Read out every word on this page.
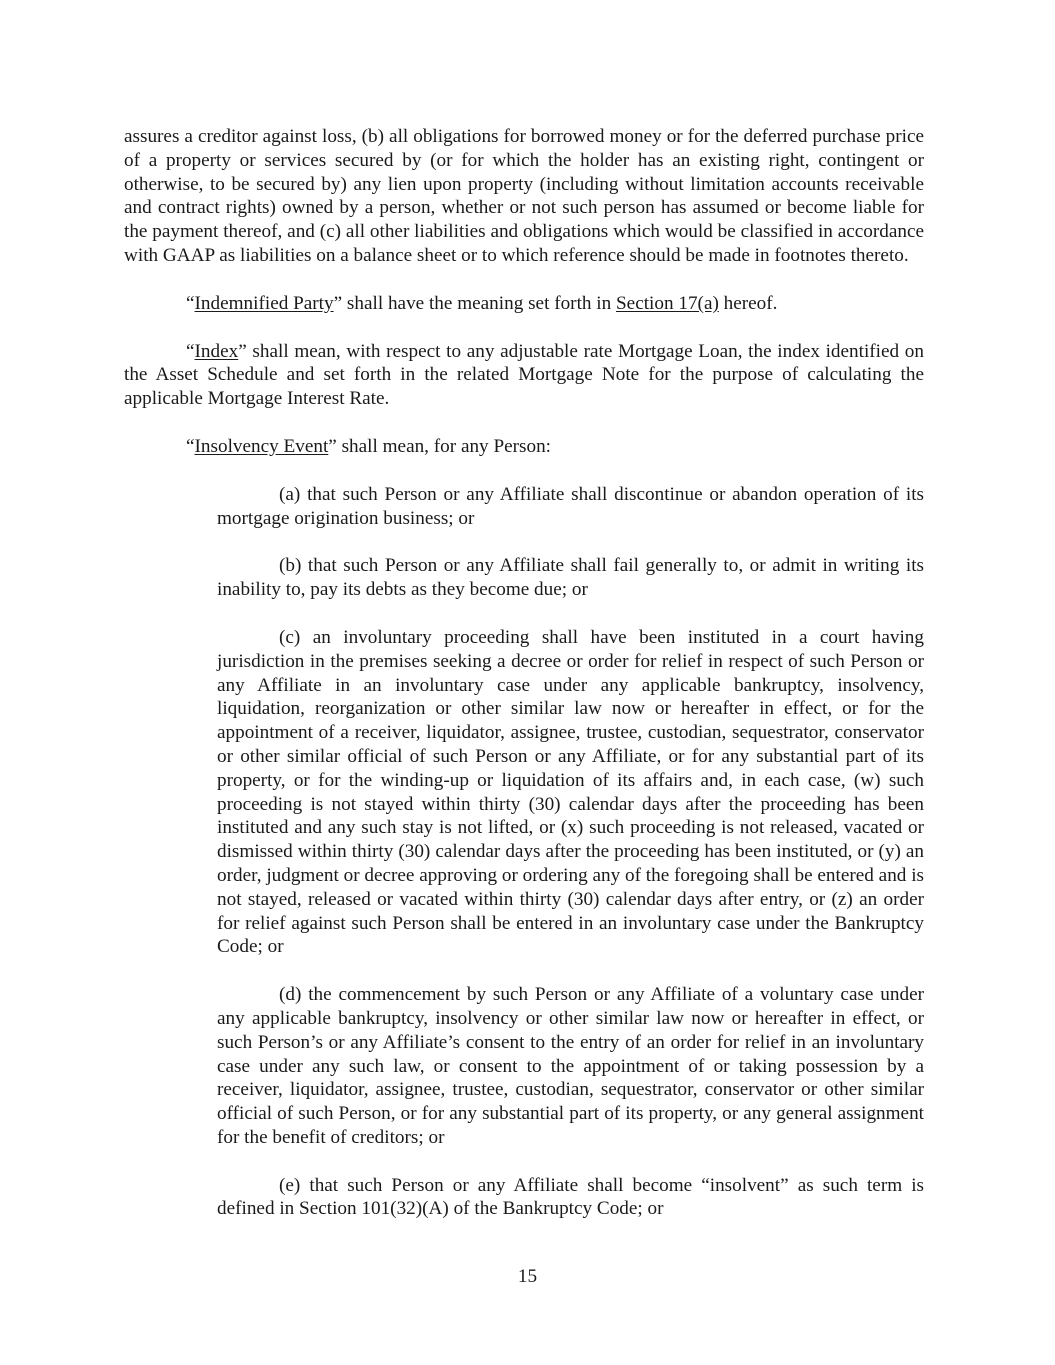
assures a creditor against loss, (b) all obligations for borrowed money or for the deferred purchase price of a property or services secured by (or for which the holder has an existing right, contingent or otherwise, to be secured by) any lien upon property (including without limitation accounts receivable and contract rights) owned by a person, whether or not such person has assumed or become liable for the payment thereof, and (c) all other liabilities and obligations which would be classified in accordance with GAAP as liabilities on a balance sheet or to which reference should be made in footnotes thereto.

“Indemnified Party” shall have the meaning set forth in Section 17(a) hereof.

“Index” shall mean, with respect to any adjustable rate Mortgage Loan, the index identified on the Asset Schedule and set forth in the related Mortgage Note for the purpose of calculating the applicable Mortgage Interest Rate.

“Insolvency Event” shall mean, for any Person:

(a) that such Person or any Affiliate shall discontinue or abandon operation of its mortgage origination business; or

(b) that such Person or any Affiliate shall fail generally to, or admit in writing its inability to, pay its debts as they become due; or

(c) an involuntary proceeding shall have been instituted in a court having jurisdiction in the premises seeking a decree or order for relief in respect of such Person or any Affiliate in an involuntary case under any applicable bankruptcy, insolvency, liquidation, reorganization or other similar law now or hereafter in effect, or for the appointment of a receiver, liquidator, assignee, trustee, custodian, sequestrator, conservator or other similar official of such Person or any Affiliate, or for any substantial part of its property, or for the winding-up or liquidation of its affairs and, in each case, (w) such proceeding is not stayed within thirty (30) calendar days after the proceeding has been instituted and any such stay is not lifted, or (x) such proceeding is not released, vacated or dismissed within thirty (30) calendar days after the proceeding has been instituted, or (y) an order, judgment or decree approving or ordering any of the foregoing shall be entered and is not stayed, released or vacated within thirty (30) calendar days after entry, or (z) an order for relief against such Person shall be entered in an involuntary case under the Bankruptcy Code; or

(d) the commencement by such Person or any Affiliate of a voluntary case under any applicable bankruptcy, insolvency or other similar law now or hereafter in effect, or such Person’s or any Affiliate’s consent to the entry of an order for relief in an involuntary case under any such law, or consent to the appointment of or taking possession by a receiver, liquidator, assignee, trustee, custodian, sequestrator, conservator or other similar official of such Person, or for any substantial part of its property, or any general assignment for the benefit of creditors; or

(e) that such Person or any Affiliate shall become “insolvent” as such term is defined in Section 101(32)(A) of the Bankruptcy Code; or

15
